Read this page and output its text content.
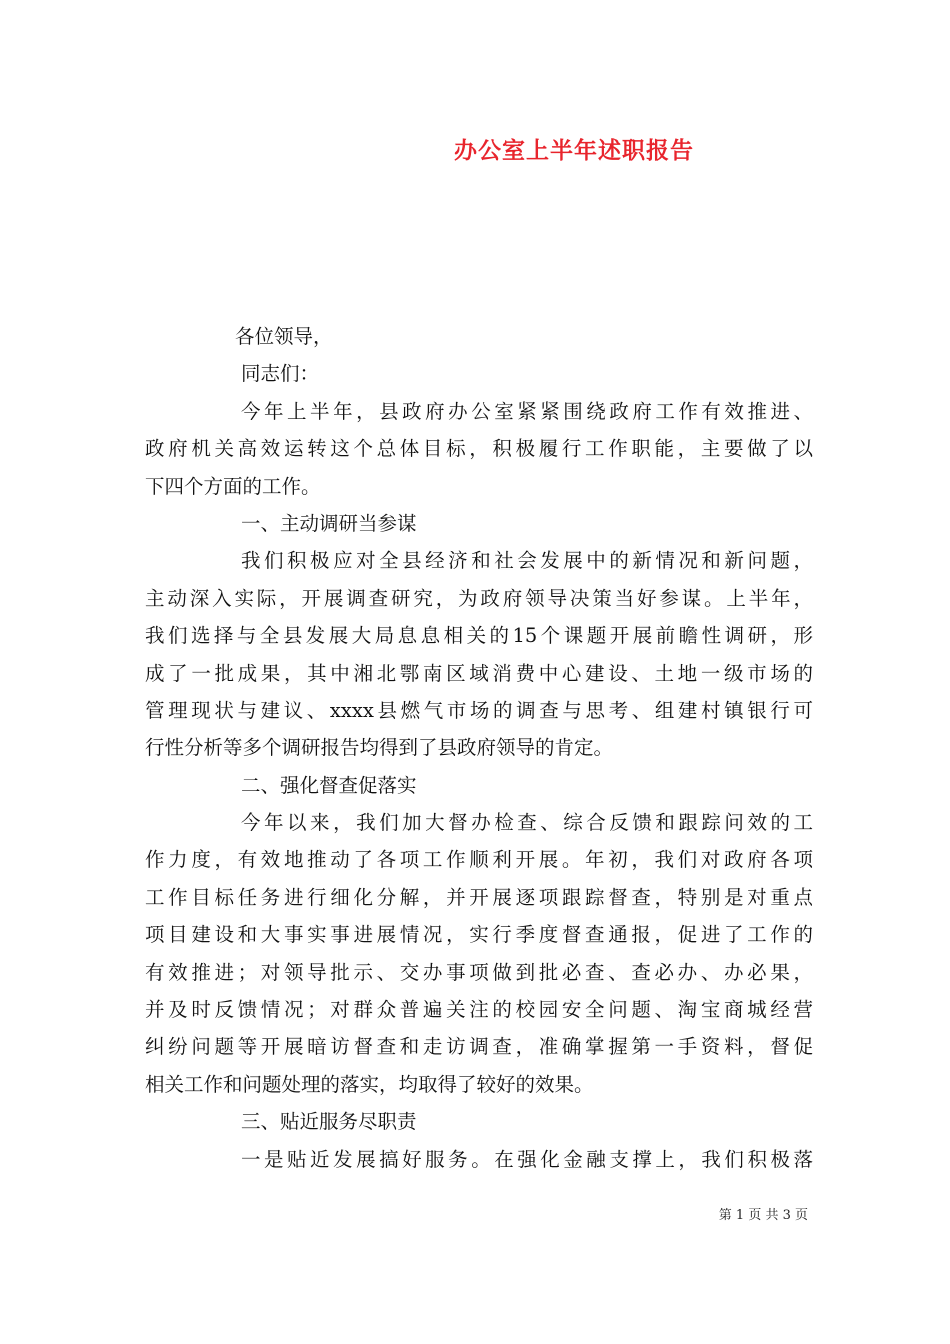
办公室上半年述职报告
各位领导，
同志们：
今年上半年，县政府办公室紧紧围绕政府工作有效推进、
政府机关高效运转这个总体目标，积极履行工作职能，主要做了以
下四个方面的工作。
一、主动调研当参谋
我们积极应对全县经济和社会发展中的新情况和新问题，
主动深入实际，开展调查研究，为政府领导决策当好参谋。上半年，
我们选择与全县发展大局息息相关的15个课题开展前瞻性调研，形
成了一批成果，其中湘北鄂南区域消费中心建设、土地一级市场的
管理现状与建议、xxxx县燃气市场的调查与思考、组建村镇银行可
行性分析等多个调研报告均得到了县政府领导的肯定。
二、强化督查促落实
今年以来，我们加大督办检查、综合反馈和跟踪问效的工
作力度，有效地推动了各项工作顺利开展。年初，我们对政府各项
工作目标任务进行细化分解，并开展逐项跟踪督查，特别是对重点
项目建设和大事实事进展情况，实行季度督查通报，促进了工作的
有效推进；对领导批示、交办事项做到批必查、查必办、办必果，
并及时反馈情况；对群众普遍关注的校园安全问题、淘宝商城经营
纠纷问题等开展暗访督查和走访调查，准确掌握第一手资料，督促
相关工作和问题处理的落实，均取得了较好的效果。
三、贴近服务尽职责
一是贴近发展搞好服务。在强化金融支撑上，我们积极落
第 1 页 共 3 页
